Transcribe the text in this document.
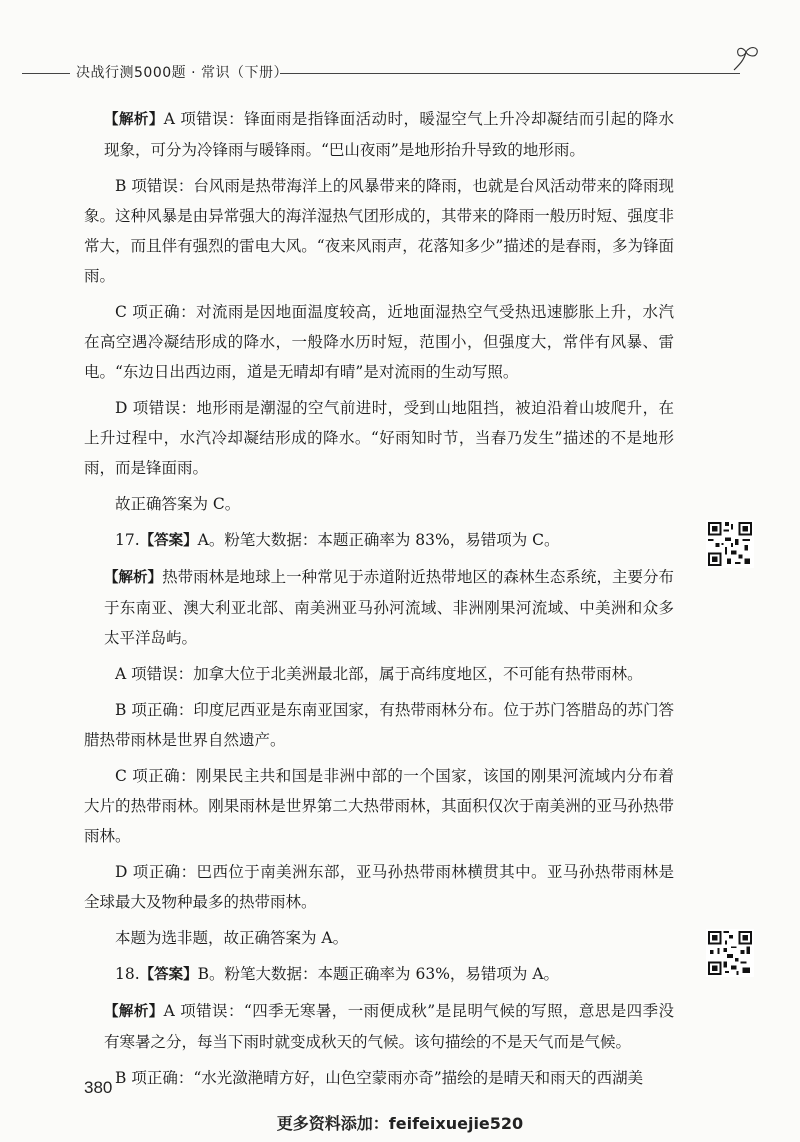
决战行测5000题 · 常识（下册）

【解析】A 项错误：锋面雨是指锋面活动时，暖湿空气上升冷却凝结而引起的降水现象，可分为冷锋雨与暖锋雨。“巴山夜雨”是地形抬升导致的地形雨。

B 项错误：台风雨是热带海洋上的风暴带来的降雨，也就是台风活动带来的降雨现象。这种风暴是由异常强大的海洋湿热气团形成的，其带来的降雨一般历时短、强度非常大，而且伴有强烈的雷电大风。“夜来风雨声，花落知多少”描述的是春雨，多为锋面雨。

C 项正确：对流雨是因地面温度较高，近地面湿热空气受热迅速膨胀上升，水汽在高空遇冷凝结形成的降水，一般降水历时短，范围小，但强度大，常伴有风暴、雷电。“东边日出西边雨，道是无晴却有晴”是对流雨的生动写照。

D 项错误：地形雨是潮湿的空气前进时，受到山地阻挡，被迫沿着山坡爬升，在上升过程中，水汽冷却凝结形成的降水。“好雨知时节，当春乃发生”描述的不是地形雨，而是锋面雨。

故正确答案为 C。

17.【答案】A。粉笔大数据：本题正确率为 83%，易错项为 C。

【解析】热带雨林是地球上一种常见于赤道附近热带地区的森林生态系统，主要分布于东南亚、澳大利亚北部、南美洲亚马孙河流域、非洲刚果河流域、中美洲和众多太平洋岛屿。

A 项错误：加拿大位于北美洲最北部，属于高纬度地区，不可能有热带雨林。

B 项正确：印度尼西亚是东南亚国家，有热带雨林分布。位于苏门答腊岛的苏门答腊热带雨林是世界自然遗产。

C 项正确：刚果民主共和国是非洲中部的一个国家，该国的刚果河流域内分布着大片的热带雨林。刚果雨林是世界第二大热带雨林，其面积仅次于南美洲的亚马孙热带雨林。

D 项正确：巴西位于南美洲东部，亚马孙热带雨林横贯其中。亚马孙热带雨林是全球最大及物种最多的热带雨林。

本题为选非题，故正确答案为 A。

18.【答案】B。粉笔大数据：本题正确率为 63%，易错项为 A。

【解析】A 项错误：“四季无寒暑，一雨便成秋”是昆明气候的写照，意思是四季没有寒暑之分，每当下雨时就变成秋天的气候。该句描绘的不是天气而是气候。

B 项正确：“水光潋滟晴方好，山色空蒙雨亦奇”描绘的是晴天和雨天的西湖美

380
更多资料添加：feifeixuejie520
